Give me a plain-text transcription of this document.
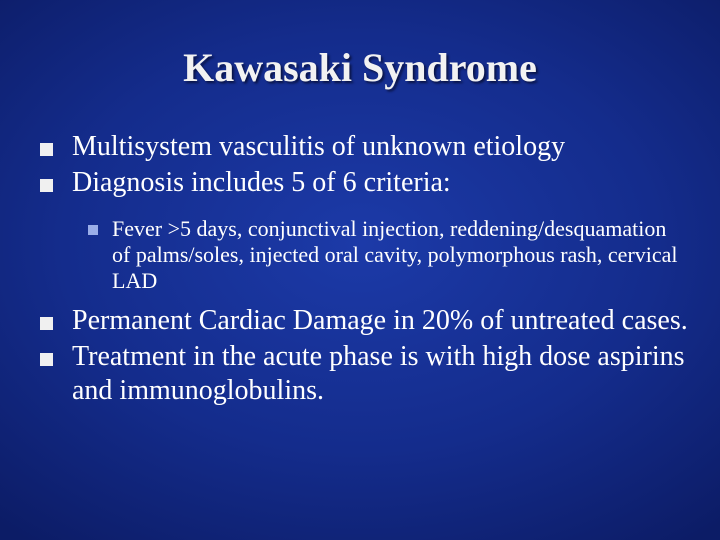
Kawasaki Syndrome
Multisystem vasculitis of unknown etiology
Diagnosis includes 5 of 6 criteria:
Fever >5 days, conjunctival injection, reddening/desquamation of palms/soles, injected oral cavity, polymorphous rash, cervical LAD
Permanent Cardiac Damage in 20% of untreated cases.
Treatment in the acute phase is with high dose aspirins and immunoglobulins.
